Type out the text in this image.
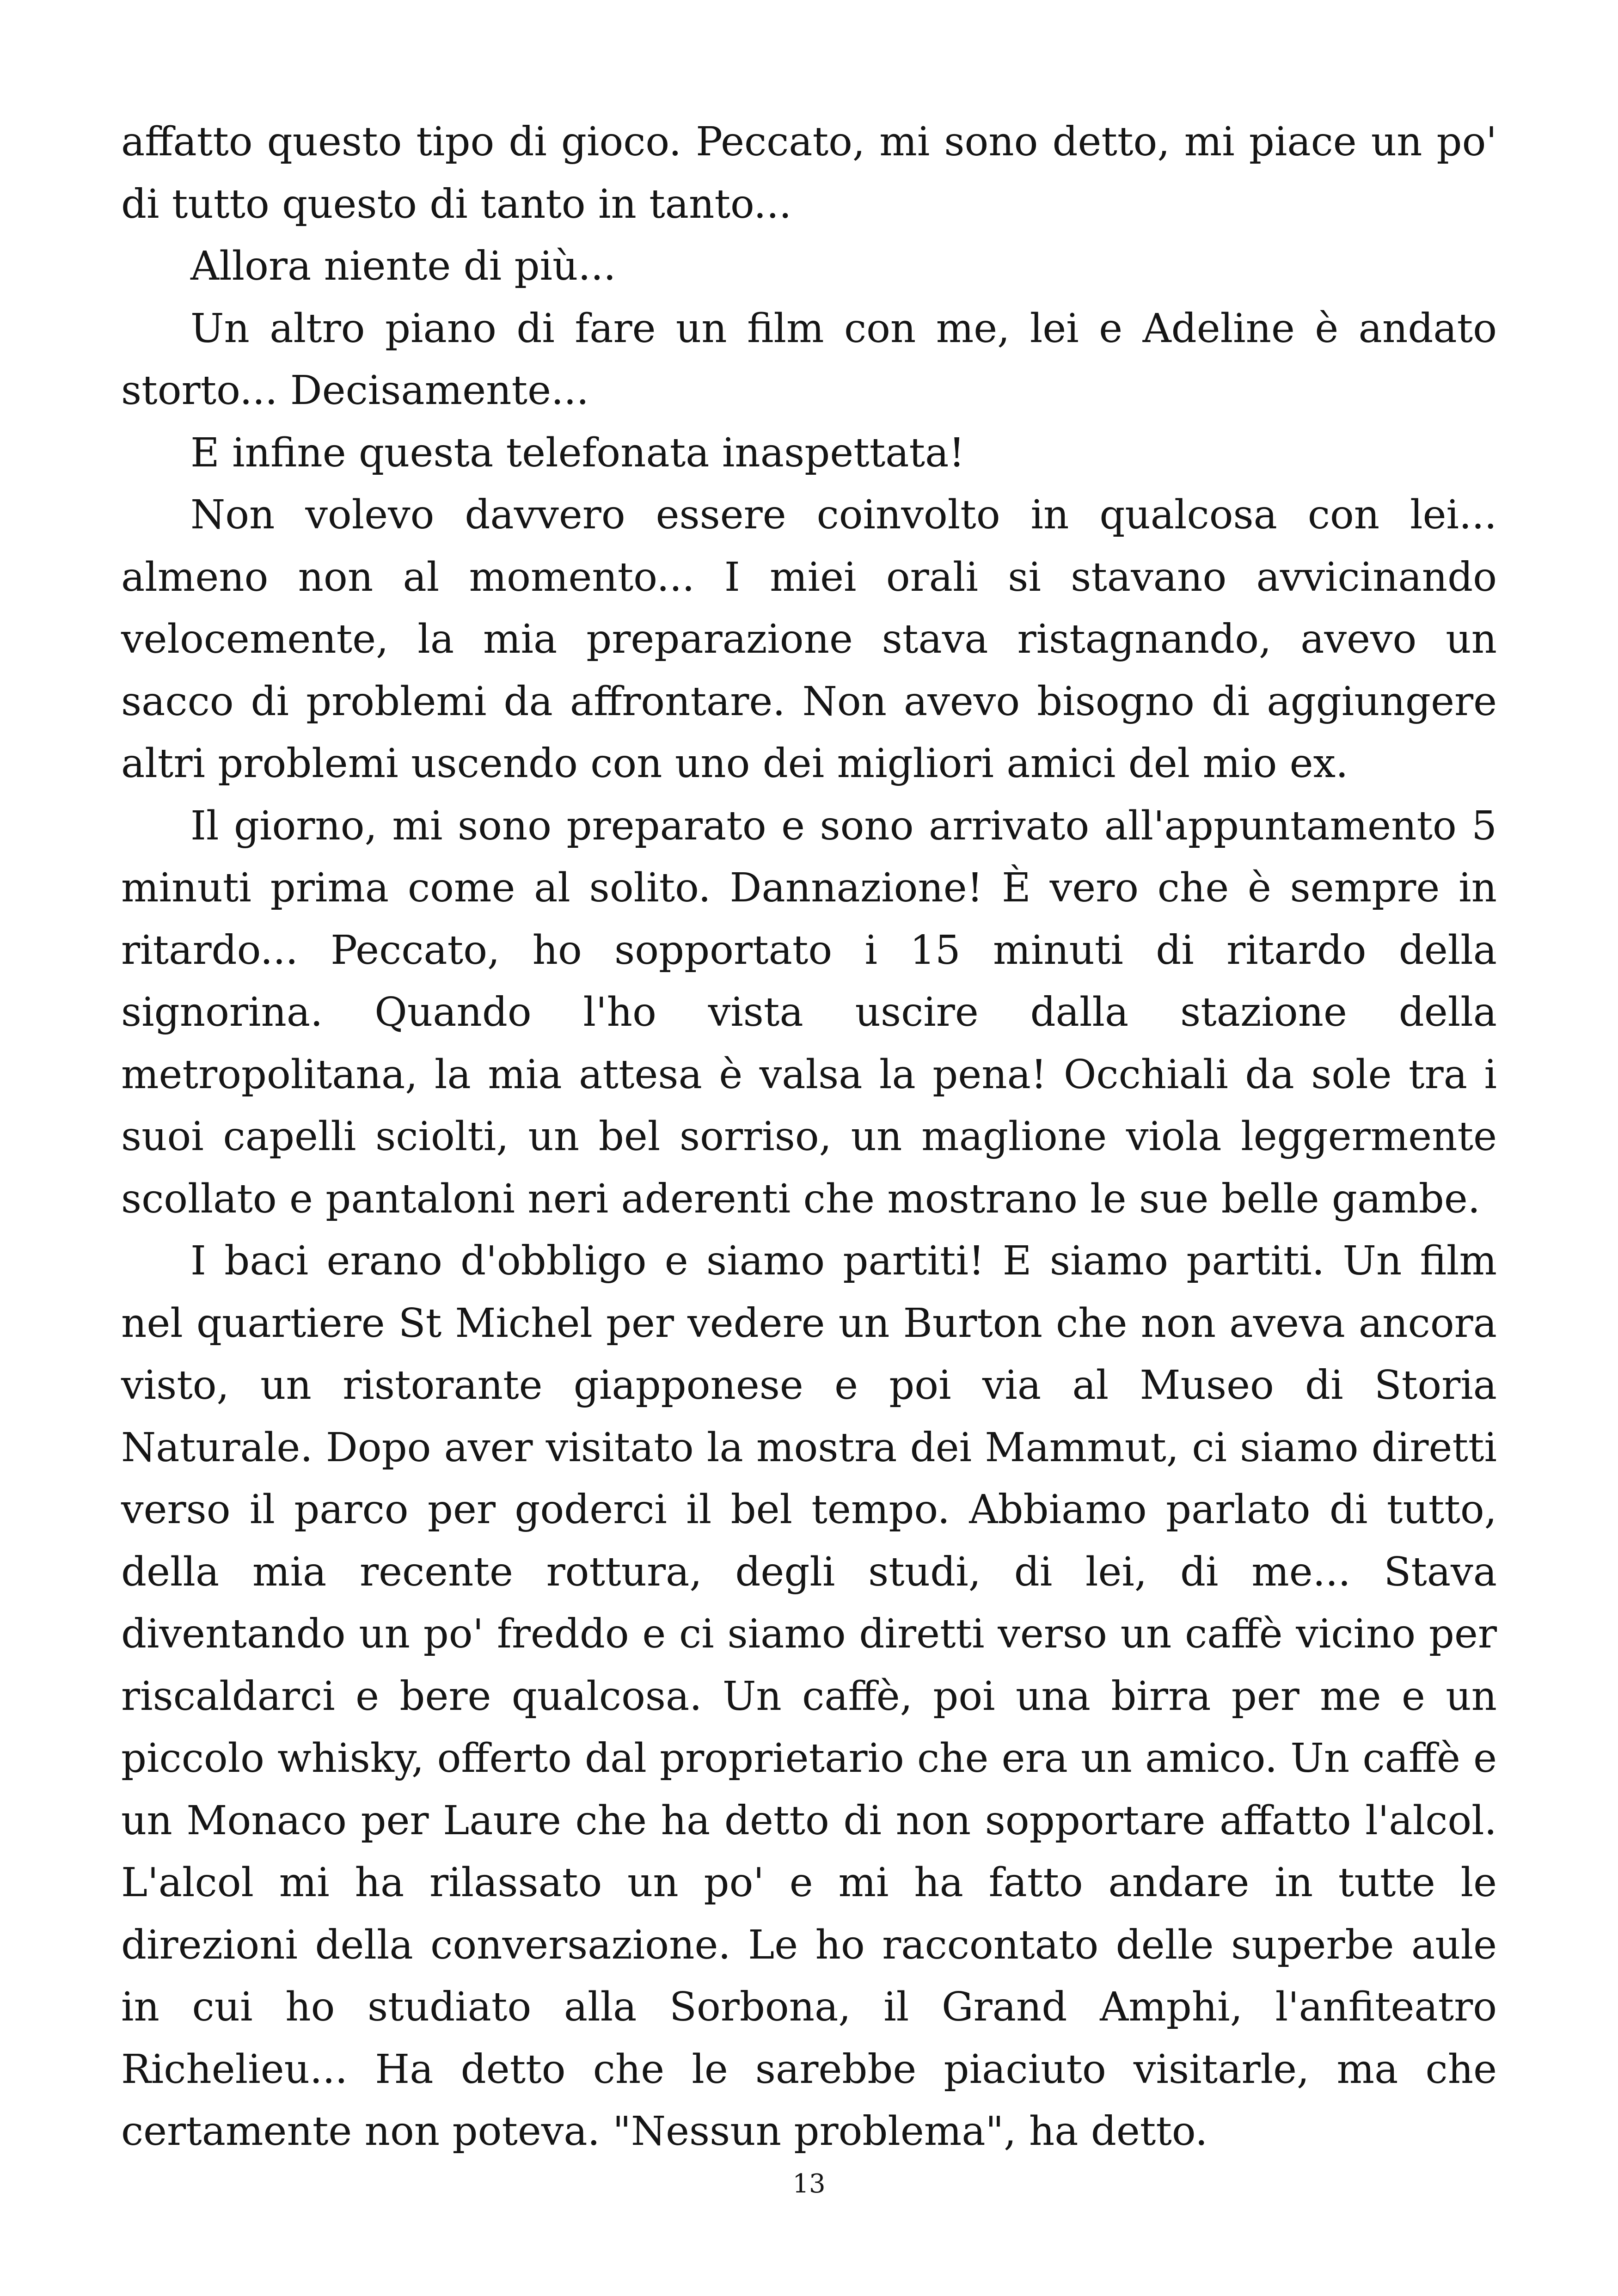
affatto questo tipo di gioco. Peccato, mi sono detto, mi piace un po' di tutto questo di tanto in tanto...

Allora niente di più...

Un altro piano di fare un film con me, lei e Adeline è andato storto... Decisamente...

E infine questa telefonata inaspettata!

Non volevo davvero essere coinvolto in qualcosa con lei... almeno non al momento... I miei orali si stavano avvicinando velocemente, la mia preparazione stava ristagnando, avevo un sacco di problemi da affrontare. Non avevo bisogno di aggiungere altri problemi uscendo con uno dei migliori amici del mio ex.

Il giorno, mi sono preparato e sono arrivato all'appuntamento 5 minuti prima come al solito. Dannazione! È vero che è sempre in ritardo... Peccato, ho sopportato i 15 minuti di ritardo della signorina. Quando l'ho vista uscire dalla stazione della metropolitana, la mia attesa è valsa la pena! Occhiali da sole tra i suoi capelli sciolti, un bel sorriso, un maglione viola leggermente scollato e pantaloni neri aderenti che mostrano le sue belle gambe.

I baci erano d'obbligo e siamo partiti! E siamo partiti. Un film nel quartiere St Michel per vedere un Burton che non aveva ancora visto, un ristorante giapponese e poi via al Museo di Storia Naturale. Dopo aver visitato la mostra dei Mammut, ci siamo diretti verso il parco per goderci il bel tempo. Abbiamo parlato di tutto, della mia recente rottura, degli studi, di lei, di me... Stava diventando un po' freddo e ci siamo diretti verso un caffè vicino per riscaldarci e bere qualcosa. Un caffè, poi una birra per me e un piccolo whisky, offerto dal proprietario che era un amico. Un caffè e un Monaco per Laure che ha detto di non sopportare affatto l'alcol. L'alcol mi ha rilassato un po' e mi ha fatto andare in tutte le direzioni della conversazione. Le ho raccontato delle superbe aule in cui ho studiato alla Sorbona, il Grand Amphi, l'anfiteatro Richelieu... Ha detto che le sarebbe piaciuto visitarle, ma che certamente non poteva. "Nessun problema", ha detto.

13
